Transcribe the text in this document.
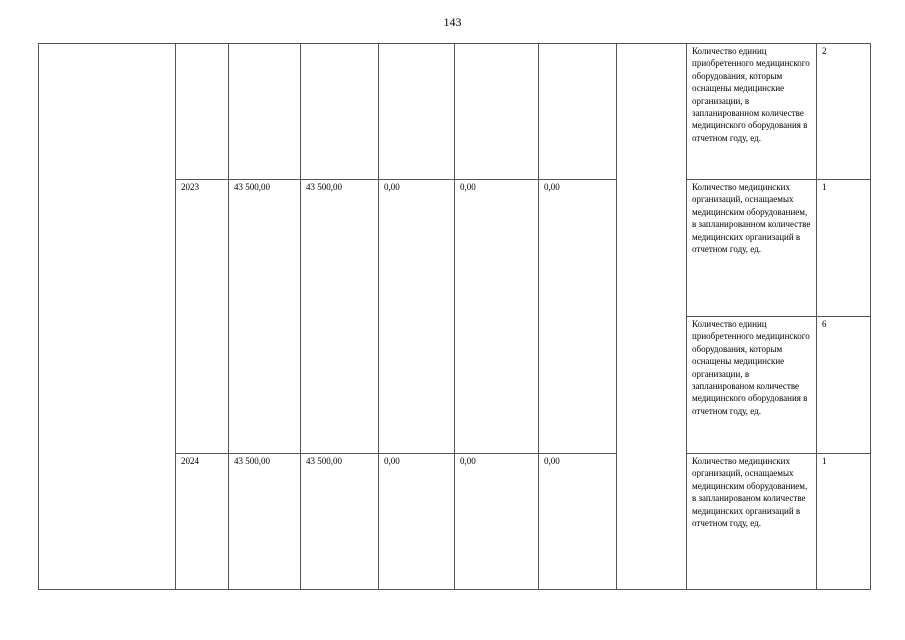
143
								Количество единиц приобретенного медицинского оборудования, которым оснащены медицинские организации, в запланированном количестве медицинского оборудования в отчетном году, ед.	2
	2023	43 500,00	43 500,00	0,00	0,00	0,00		Количество медицинских организаций, оснащаемых медицинским оборудованием, в запланированном количестве медицинских организаций в отчетном году, ед.	1
								Количество единиц приобретенного медицинского оборудования, которым оснащены медицинские организации, в запланированом количестве медицинского оборудования в отчетном году, ед.	6
	2024	43 500,00	43 500,00	0,00	0,00	0,00		Количество медицинских организаций, оснащаемых медицинским оборудованием, в запланированом количестве медицинских организаций в отчетном году, ед.	1
